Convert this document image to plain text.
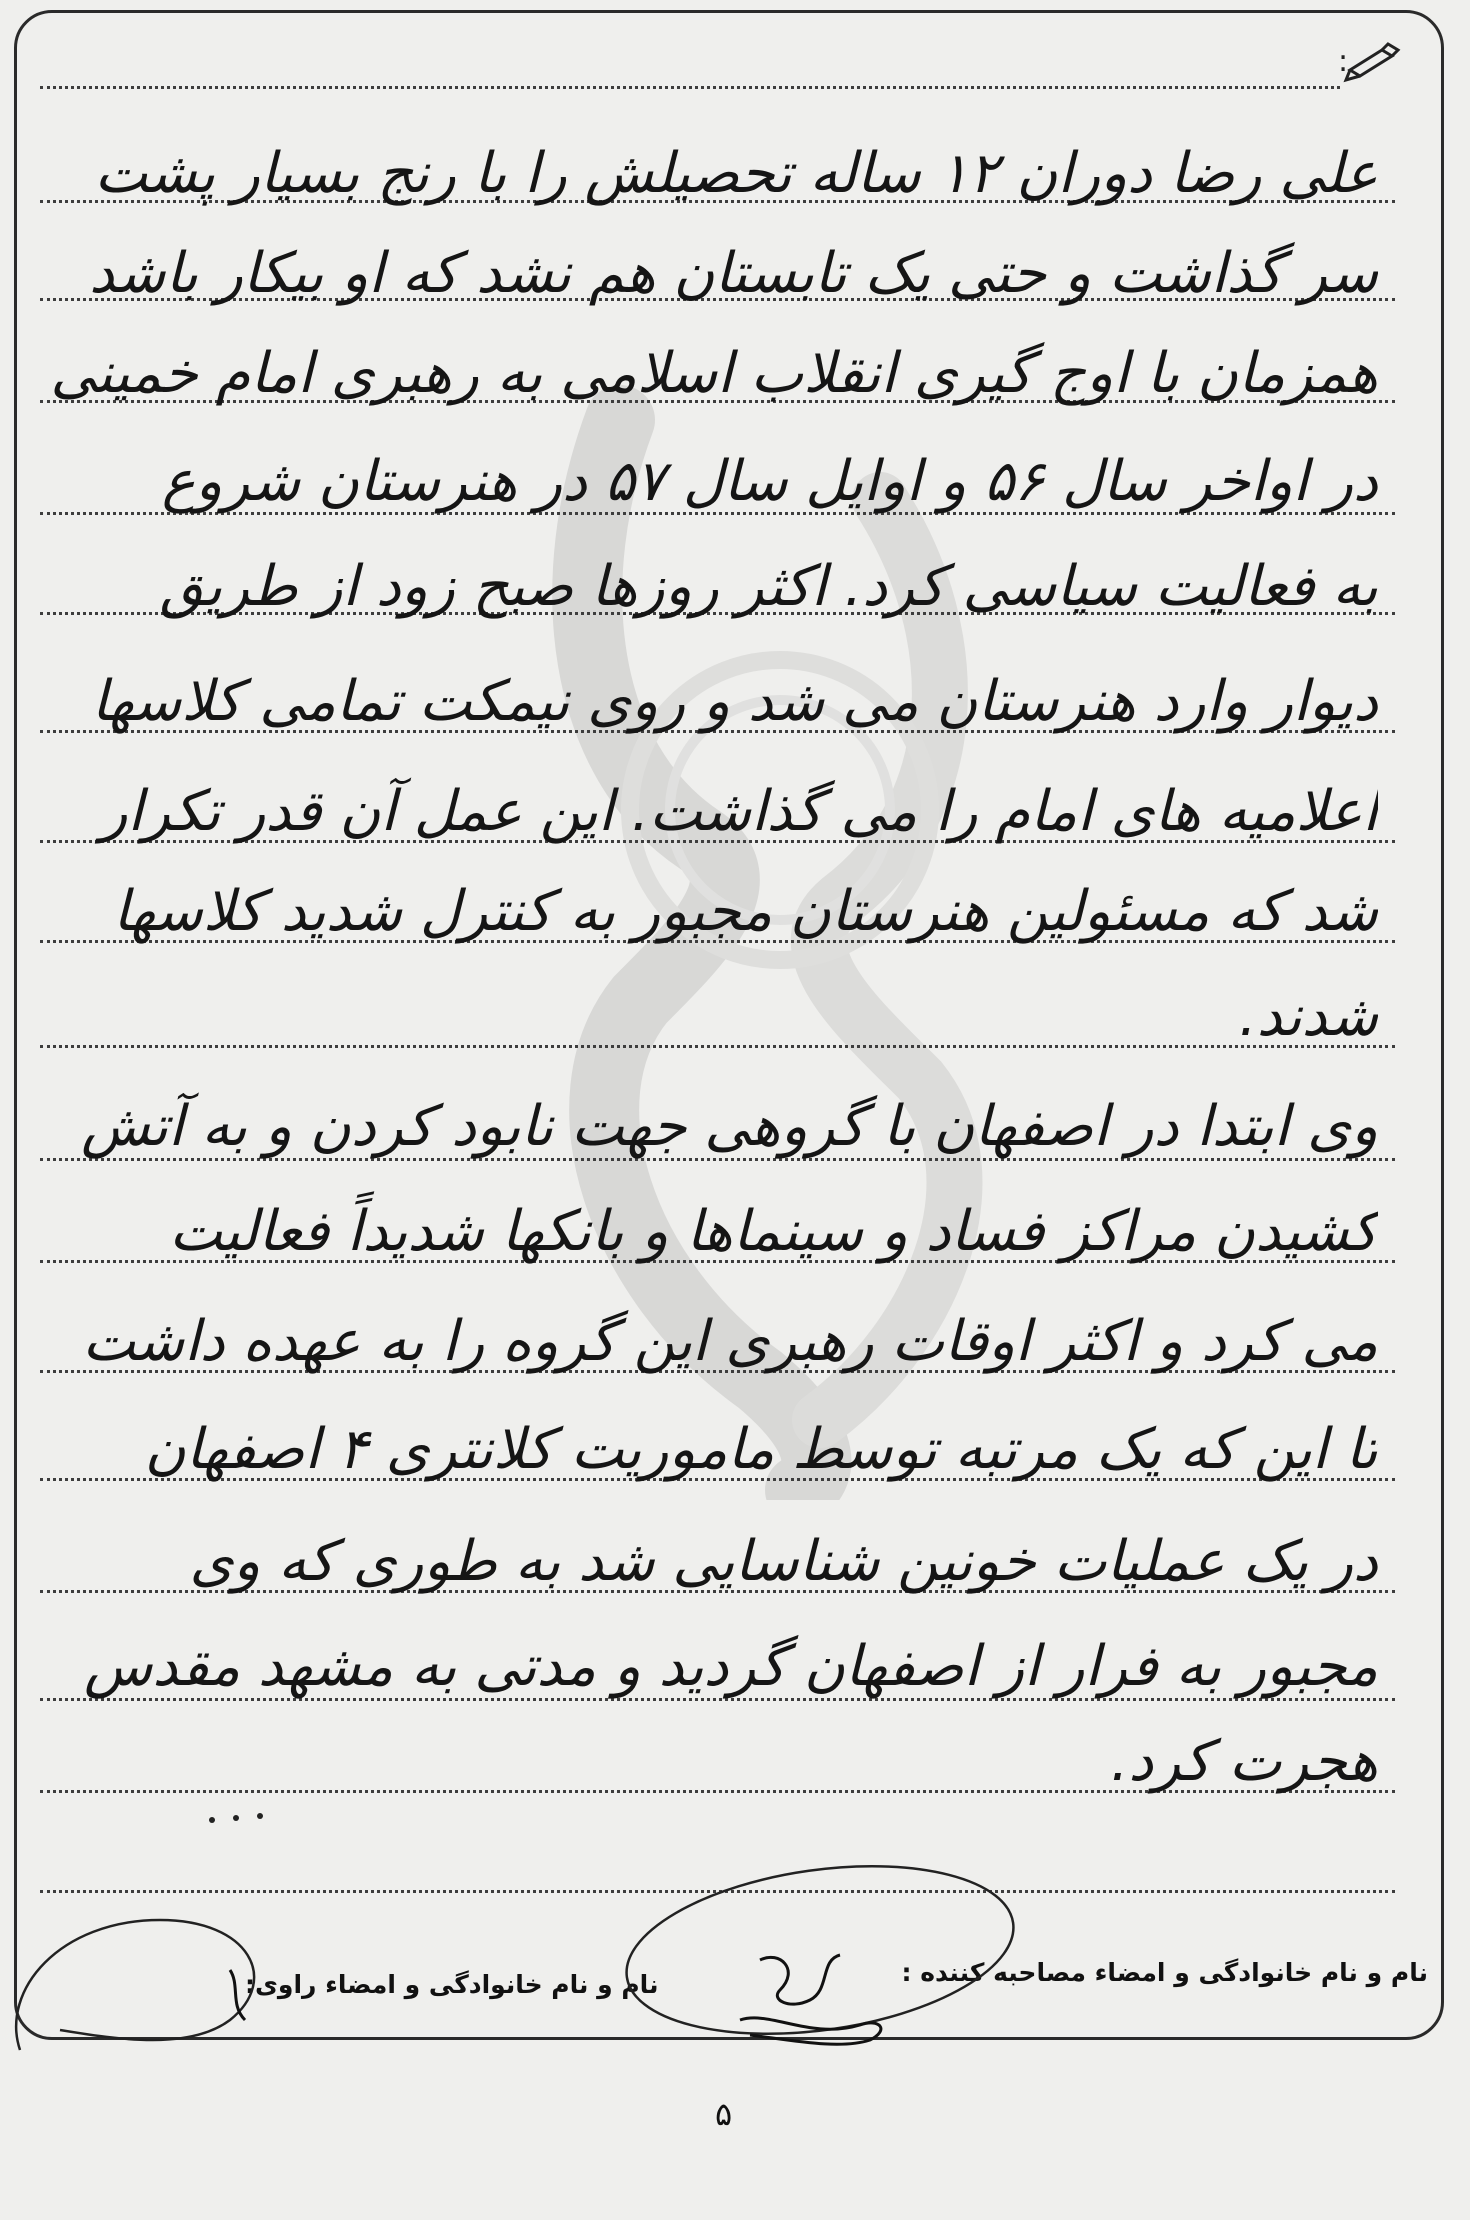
:
علی رضا دوران ۱۲ ساله تحصیلش را با رنج بسیار پشت
سر گذاشت و حتی یک تابستان هم نشد که او بیکار باشد
همزمان با اوج گیری انقلاب اسلامی به رهبری امام خمینی
در اواخر سال ۵۶ و اوایل سال ۵۷ در هنرستان شروع
به فعالیت سیاسی کرد. اکثر روزها صبح زود از طریق
دیوار وارد هنرستان می شد و روی نیمکت تمامی کلاسها
اعلامیه های امام را می گذاشت. این عمل آن قدر تکرار
شد که مسئولین هنرستان مجبور به کنترل شدید کلاسها
شدند.
وی ابتدا در اصفهان با گروهی جهت نابود کردن و به آتش
کشیدن مراکز فساد و سینماها و بانکها شدیداً فعالیت
می کرد و اکثر اوقات رهبری این گروه را به عهده داشت
تا این که یک مرتبه توسط ماموریت کلانتری ۴ اصفهان
در یک عملیات خونین شناسایی شد به طوری که وی
مجبور به فرار از اصفهان گردید و مدتی به مشهد مقدس
هجرت کرد.
نام و نام خانوادگی و امضاء مصاحبه کننده :
نام و نام خانوادگی و امضاء راوی:
۵
